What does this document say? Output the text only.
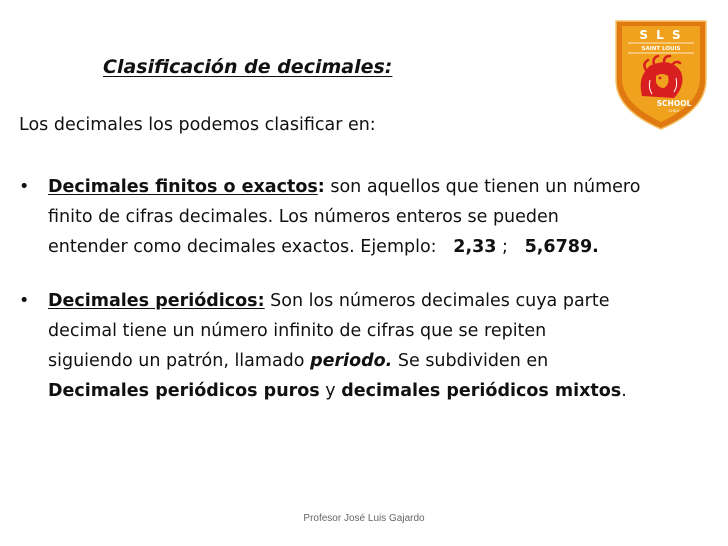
Clasificación de decimales:
S L S
SAINT LOUIS
SCHOOL
CHILE
Los decimales los podemos clasificar en:
•	Decimales finitos o exactos: son aquellos que tienen un número
finito de cifras decimales. Los números enteros se pueden
entender como decimales exactos. Ejemplo:   2,33 ;   5,6789.
•	Decimales periódicos: Son los números decimales cuya parte
decimal tiene un número infinito de cifras que se repiten
siguiendo un patrón, llamado periodo. Se subdividen en
Decimales periódicos puros y decimales periódicos mixtos.
Profesor José Luis Gajardo
